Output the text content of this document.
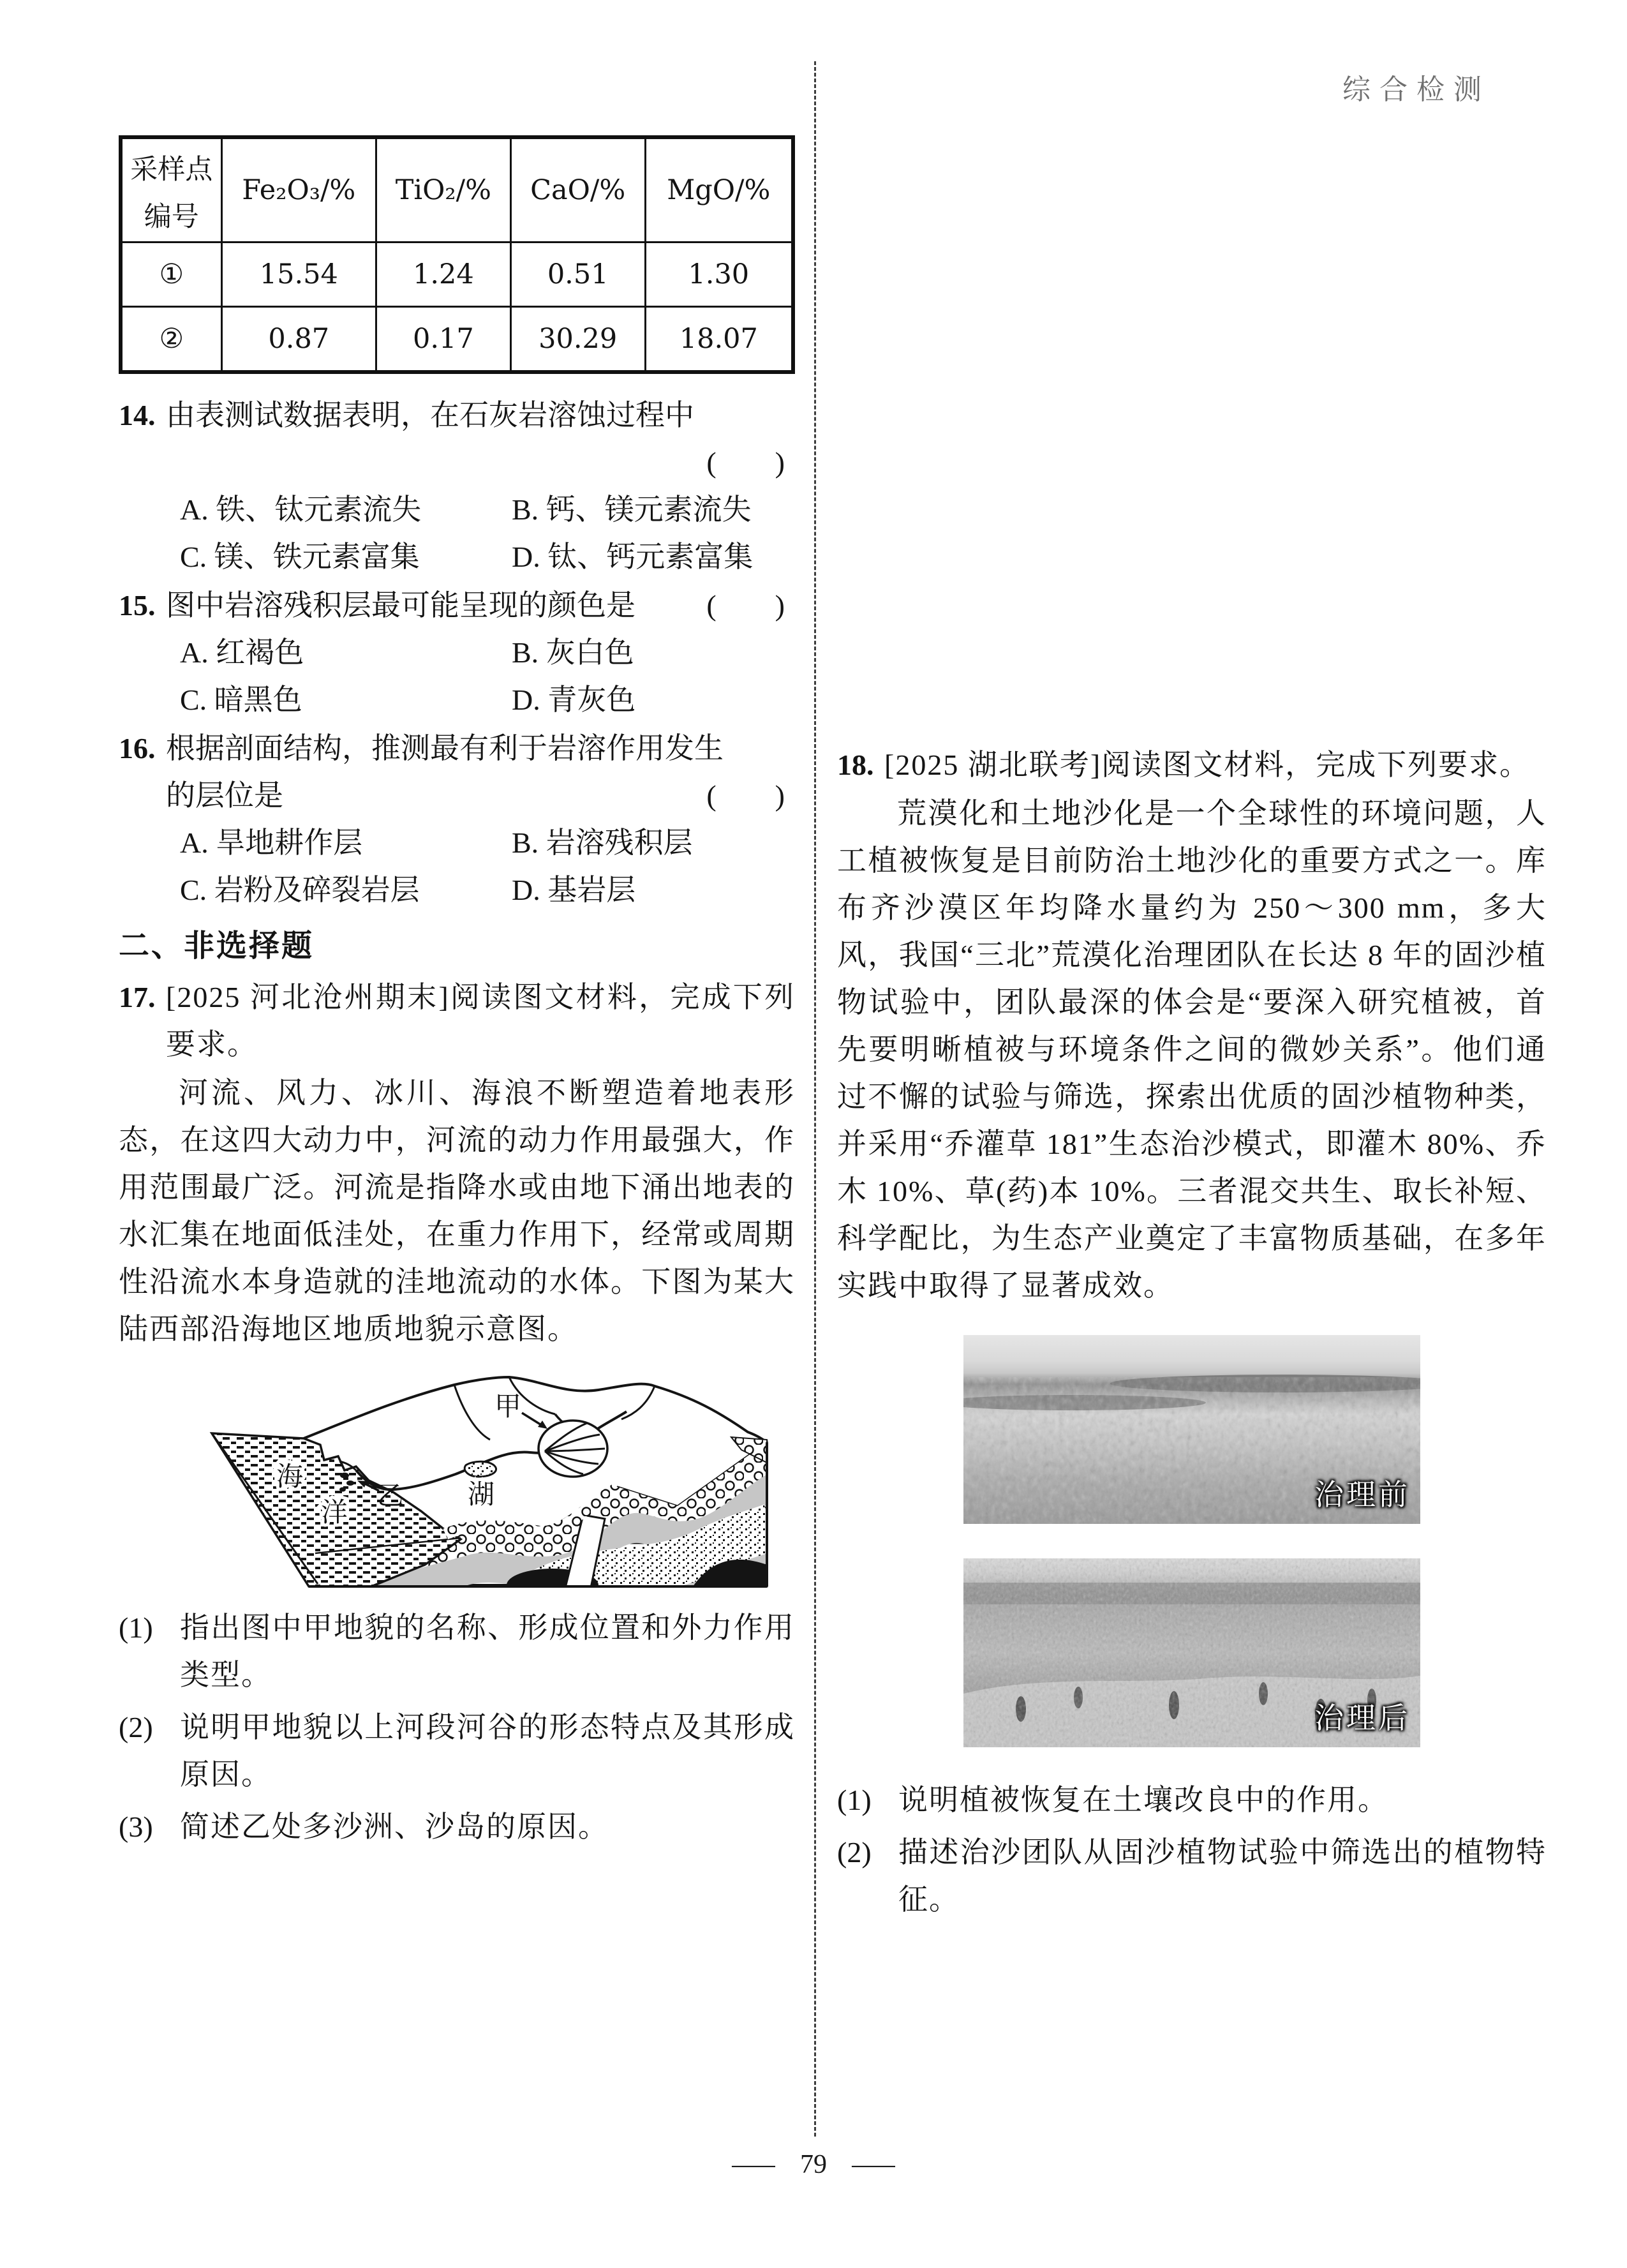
综合检测
采样点
编号	Fe₂O₃/%	TiO₂/%	CaO/%	MgO/%
①	15.54	1.24	0.51	1.30
②	0.87	0.17	30.29	18.07
14. 由表测试数据表明，在石灰岩溶蚀过程中
(　　)
A. 铁、钛元素流失	B. 钙、镁元素流失
C. 镁、铁元素富集	D. 钛、钙元素富集
15. 图中岩溶残积层最可能呈现的颜色是 (　　)
A. 红褐色	B. 灰白色
C. 暗黑色	D. 青灰色
16. 根据剖面结构，推测最有利于岩溶作用发生
的层位是	(　　)
A. 旱地耕作层	B. 岩溶残积层
C. 岩粉及碎裂岩层	D. 基岩层
二、非选择题
17. [2025 河北沧州期末]阅读图文材料，完成下列要求。
河流、风力、冰川、海浪不断塑造着地表形态，在这四大动力中，河流的动力作用最强大，作用范围最广泛。河流是指降水或由地下涌出地表的水汇集在地面低洼处，在重力作用下，经常或周期性沿流水本身造就的洼地流动的水体。下图为某大陆西部沿海地区地质地貌示意图。
甲
乙 湖
海
洋
(1) 指出图中甲地貌的名称、形成位置和外力作用类型。
(2) 说明甲地貌以上河段河谷的形态特点及其形成原因。
(3) 简述乙处多沙洲、沙岛的原因。
18. [2025 湖北联考]阅读图文材料，完成下列要求。
荒漠化和土地沙化是一个全球性的环境问题，人工植被恢复是目前防治土地沙化的重要方式之一。库布齐沙漠区年均降水量约为 250～300 mm，多大风，我国“三北”荒漠化治理团队在长达 8 年的固沙植物试验中，团队最深的体会是“要深入研究植被，首先要明晰植被与环境条件之间的微妙关系”。他们通过不懈的试验与筛选，探索出优质的固沙植物种类，并采用“乔灌草 181”生态治沙模式，即灌木 80%、乔木 10%、草(药)本 10%。三者混交共生、取长补短、科学配比，为生态产业奠定了丰富物质基础，在多年实践中取得了显著成效。
治理前
治理后
(1) 说明植被恢复在土壤改良中的作用。
(2) 描述治沙团队从固沙植物试验中筛选出的植物特征。
— 79 —
